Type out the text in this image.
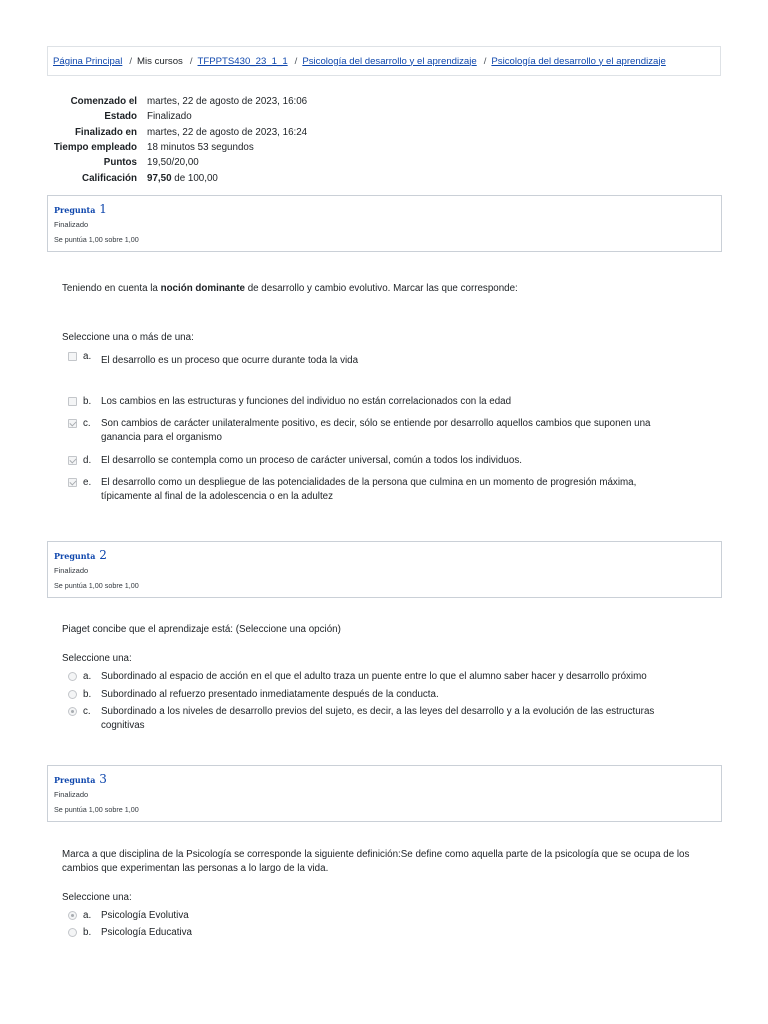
Página Principal / Mis cursos / TFPPTS430_23_1_1 / Psicología del desarrollo y el aprendizaje / Psicología del desarrollo y el aprendizaje
Comenzado el	martes, 22 de agosto de 2023, 16:06
Estado	Finalizado
Finalizado en	martes, 22 de agosto de 2023, 16:24
Tiempo empleado	18 minutos 53 segundos
Puntos	19,50/20,00
Calificación	97,50 de 100,00
Pregunta 1
Finalizado
Se puntúa 1,00 sobre 1,00
Teniendo en cuenta la noción dominante de desarrollo y cambio evolutivo. Marcar las que corresponde:
Seleccione una o más de una:
a.	El desarrollo es un proceso que ocurre durante toda la vida
b.	Los cambios en las estructuras y funciones del individuo no están correlacionados con la edad
c.	Son cambios de carácter unilateralmente positivo, es decir, sólo se entiende por desarrollo aquellos cambios que suponen una ganancia para el organismo
d.	El desarrollo se contempla como un proceso de carácter universal, común a todos los individuos.
e.	El desarrollo como un despliegue de las potencialidades de la persona que culmina en un momento de progresión máxima, típicamente al final de la adolescencia o en la adultez
Pregunta 2
Finalizado
Se puntúa 1,00 sobre 1,00
Piaget concibe que el aprendizaje está: (Seleccione una opción)
Seleccione una:
a.	Subordinado al espacio de acción en el que el adulto traza un puente entre lo que el alumno saber hacer y desarrollo próximo
b.	Subordinado al refuerzo presentado inmediatamente después de la conducta.
c.	Subordinado a los niveles de desarrollo previos del sujeto, es decir, a las leyes del desarrollo y a la evolución de las estructuras cognitivas
Pregunta 3
Finalizado
Se puntúa 1,00 sobre 1,00
Marca a que disciplina de la Psicología se corresponde la siguiente definición:Se define como aquella parte de la psicología que se ocupa de los cambios que experimentan las personas a lo largo de la vida.
Seleccione una:
a.	Psicología Evolutiva
b.	Psicología Educativa
